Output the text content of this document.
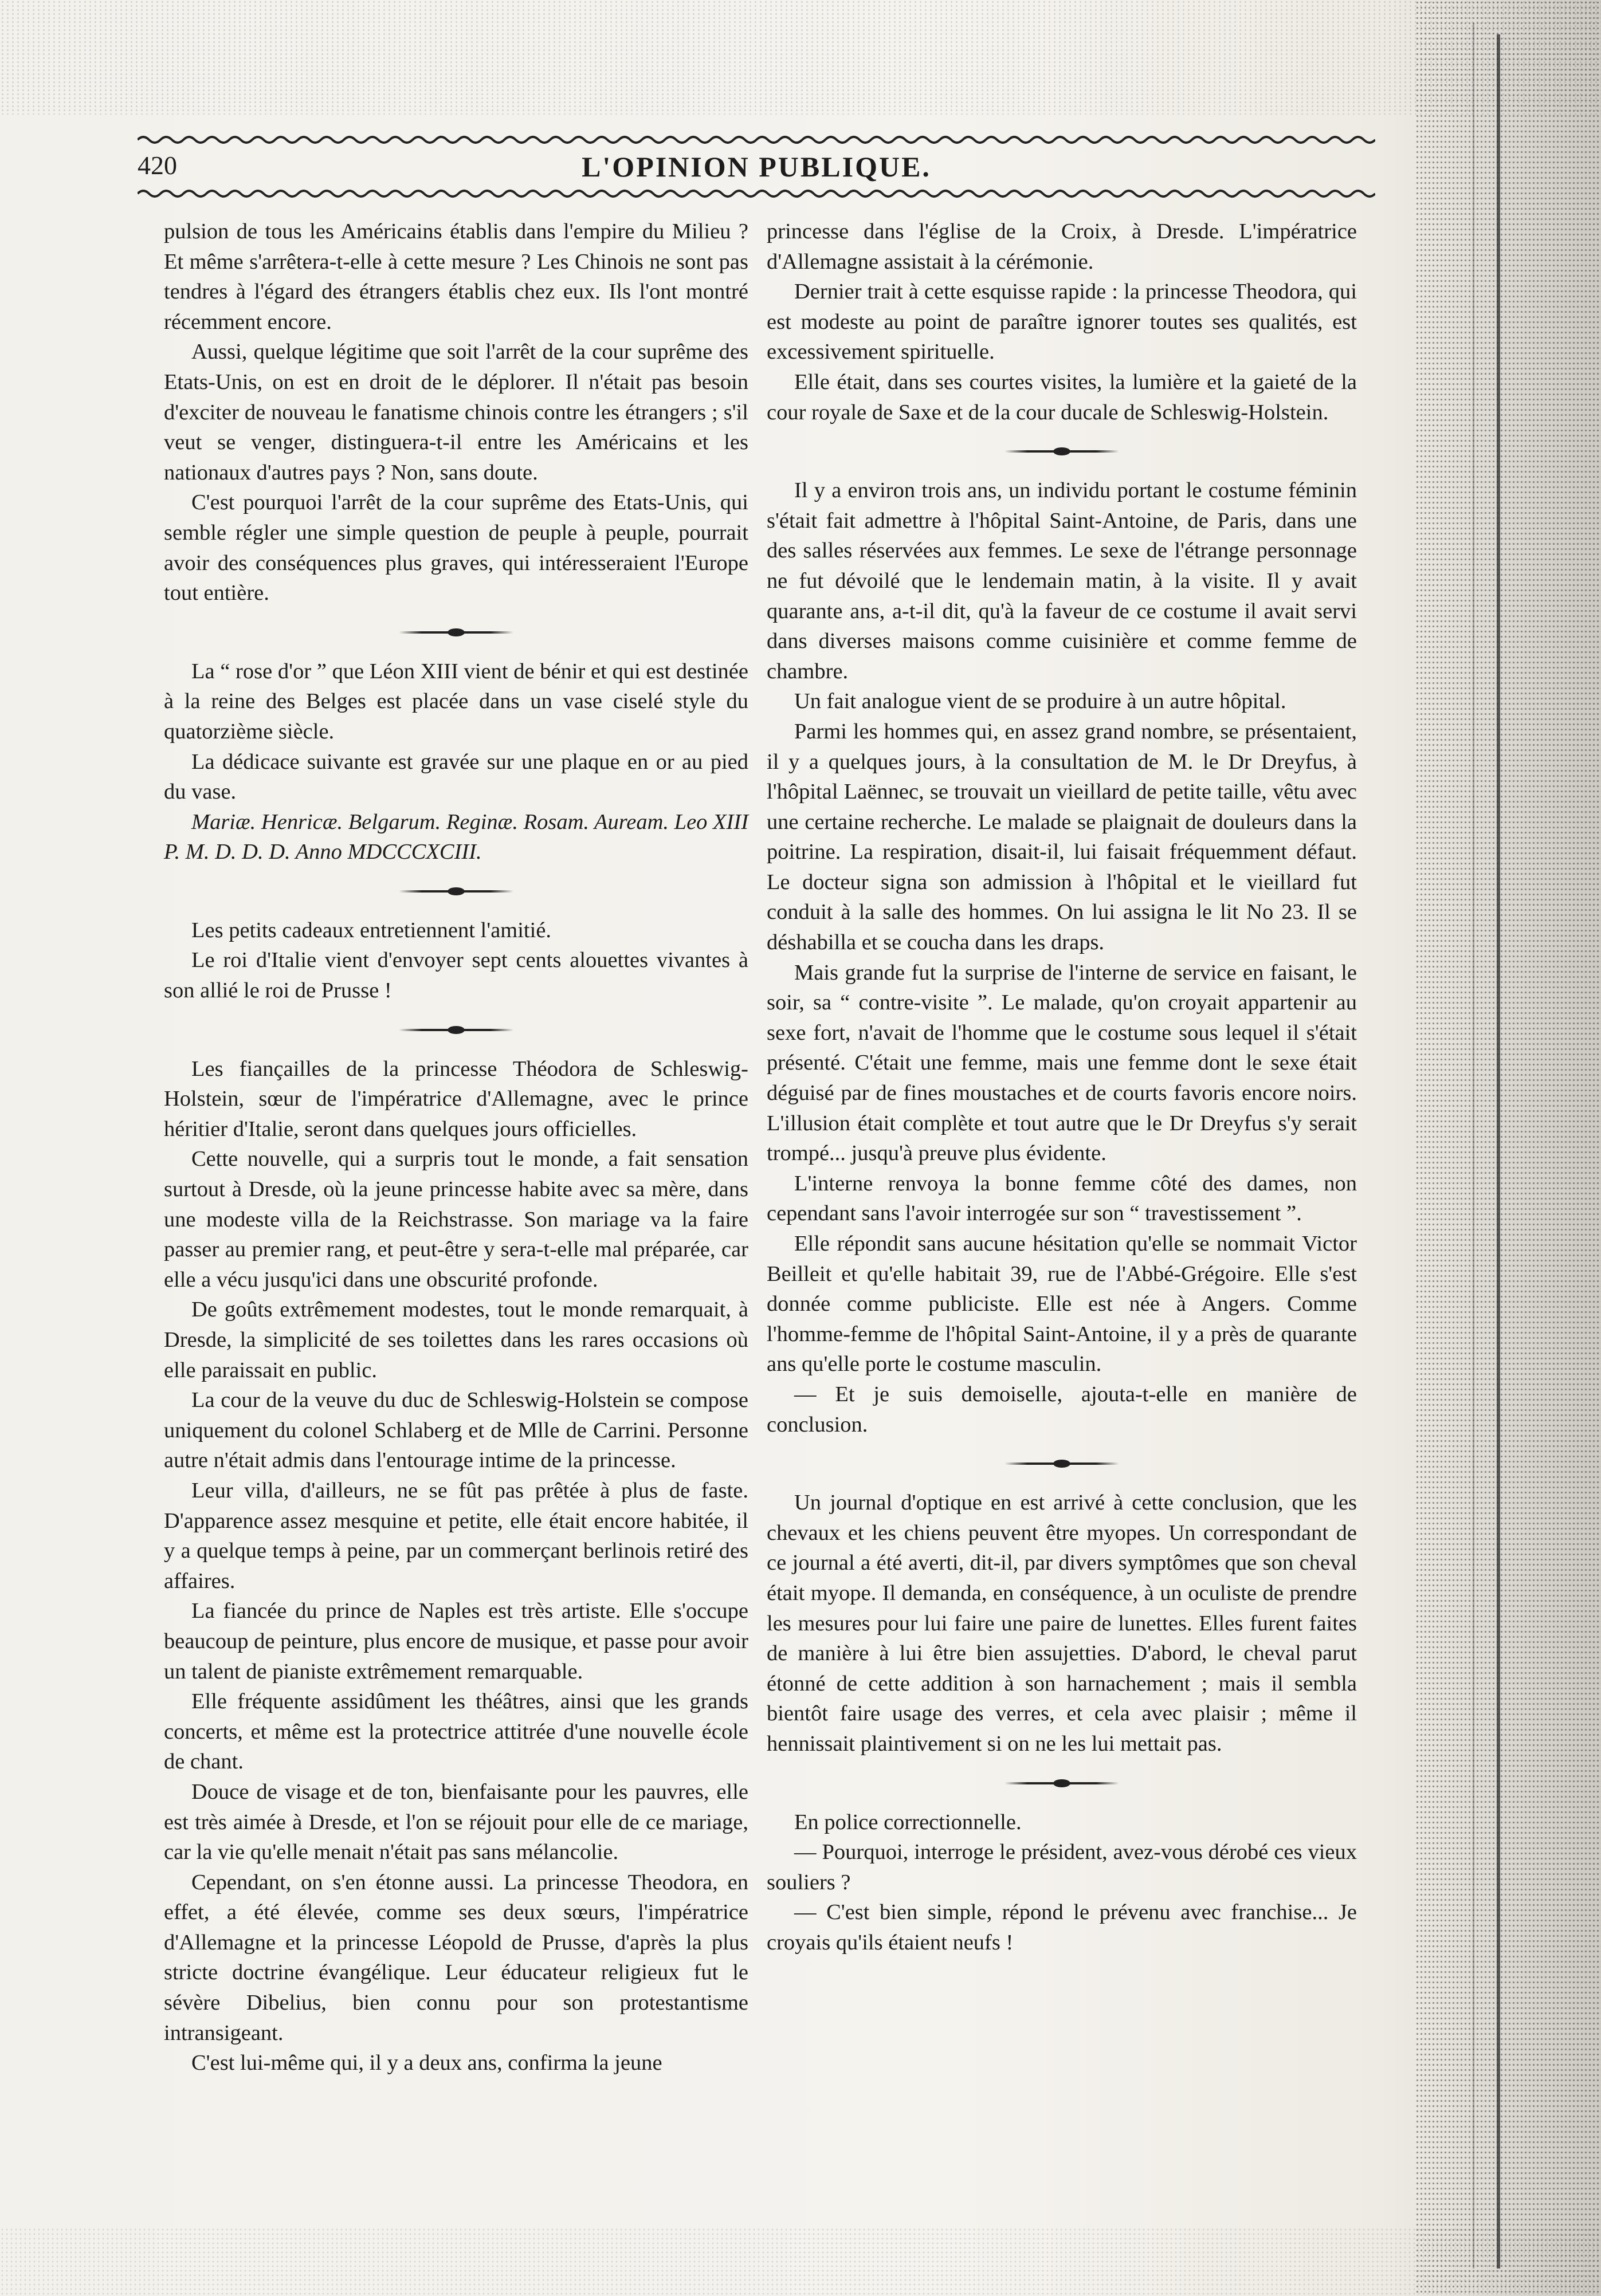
420	L'OPINION PUBLIQUE.

pulsion de tous les Américains établis dans l'empire du Milieu ? Et même s'arrêtera-t-elle à cette mesure ? Les Chinois ne sont pas tendres à l'égard des étrangers établis chez eux. Ils l'ont montré récemment encore.

Aussi, quelque légitime que soit l'arrêt de la cour suprême des Etats-Unis, on est en droit de le déplorer. Il n'était pas besoin d'exciter de nouveau le fanatisme chinois contre les étrangers ; s'il veut se venger, distinguera-t-il entre les Américains et les nationaux d'autres pays ? Non, sans doute.

C'est pourquoi l'arrêt de la cour suprême des Etats-Unis, qui semble régler une simple question de peuple à peuple, pourrait avoir des conséquences plus graves, qui intéresseraient l'Europe tout entière.

La “ rose d'or ” que Léon XIII vient de bénir et qui est destinée à la reine des Belges est placée dans un vase ciselé style du quatorzième siècle.

La dédicace suivante est gravée sur une plaque en or au pied du vase.

Mariæ. Henricæ. Belgarum. Reginæ. Rosam. Auream. Leo XIII P. M. D. D. D. Anno MDCCCXCIII.

Les petits cadeaux entretiennent l'amitié.

Le roi d'Italie vient d'envoyer sept cents alouettes vivantes à son allié le roi de Prusse !

Les fiançailles de la princesse Théodora de Schleswig-Holstein, sœur de l'impératrice d'Allemagne, avec le prince héritier d'Italie, seront dans quelques jours officielles.

Cette nouvelle, qui a surpris tout le monde, a fait sensation surtout à Dresde, où la jeune princesse habite avec sa mère, dans une modeste villa de la Reichstrasse. Son mariage va la faire passer au premier rang, et peut-être y sera-t-elle mal préparée, car elle a vécu jusqu'ici dans une obscurité profonde.

De goûts extrêmement modestes, tout le monde remarquait, à Dresde, la simplicité de ses toilettes dans les rares occasions où elle paraissait en public.

La cour de la veuve du duc de Schleswig-Holstein se compose uniquement du colonel Schlaberg et de Mlle de Carrini. Personne autre n'était admis dans l'entourage intime de la princesse.

Leur villa, d'ailleurs, ne se fût pas prêtée à plus de faste. D'apparence assez mesquine et petite, elle était encore habitée, il y a quelque temps à peine, par un commerçant berlinois retiré des affaires.

La fiancée du prince de Naples est très artiste. Elle s'occupe beaucoup de peinture, plus encore de musique, et passe pour avoir un talent de pianiste extrêmement remarquable.

Elle fréquente assidûment les théâtres, ainsi que les grands concerts, et même est la protectrice attitrée d'une nouvelle école de chant.

Douce de visage et de ton, bienfaisante pour les pauvres, elle est très aimée à Dresde, et l'on se réjouit pour elle de ce mariage, car la vie qu'elle menait n'était pas sans mélancolie.

Cependant, on s'en étonne aussi. La princesse Theodora, en effet, a été élevée, comme ses deux sœurs, l'impératrice d'Allemagne et la princesse Léopold de Prusse, d'après la plus stricte doctrine évangélique. Leur éducateur religieux fut le sévère Dibelius, bien connu pour son protestantisme intransigeant.

C'est lui-même qui, il y a deux ans, confirma la jeune

princesse dans l'église de la Croix, à Dresde. L'impératrice d'Allemagne assistait à la cérémonie.

Dernier trait à cette esquisse rapide : la princesse Theodora, qui est modeste au point de paraître ignorer toutes ses qualités, est excessivement spirituelle.

Elle était, dans ses courtes visites, la lumière et la gaieté de la cour royale de Saxe et de la cour ducale de Schleswig-Holstein.

Il y a environ trois ans, un individu portant le costume féminin s'était fait admettre à l'hôpital Saint-Antoine, de Paris, dans une des salles réservées aux femmes. Le sexe de l'étrange personnage ne fut dévoilé que le lendemain matin, à la visite. Il y avait quarante ans, a-t-il dit, qu'à la faveur de ce costume il avait servi dans diverses maisons comme cuisinière et comme femme de chambre.

Un fait analogue vient de se produire à un autre hôpital.

Parmi les hommes qui, en assez grand nombre, se présentaient, il y a quelques jours, à la consultation de M. le Dr Dreyfus, à l'hôpital Laënnec, se trouvait un vieillard de petite taille, vêtu avec une certaine recherche. Le malade se plaignait de douleurs dans la poitrine. La respiration, disait-il, lui faisait fréquemment défaut. Le docteur signa son admission à l'hôpital et le vieillard fut conduit à la salle des hommes. On lui assigna le lit No 23. Il se déshabilla et se coucha dans les draps.

Mais grande fut la surprise de l'interne de service en faisant, le soir, sa “ contre-visite ”. Le malade, qu'on croyait appartenir au sexe fort, n'avait de l'homme que le costume sous lequel il s'était présenté. C'était une femme, mais une femme dont le sexe était déguisé par de fines moustaches et de courts favoris encore noirs. L'illusion était complète et tout autre que le Dr Dreyfus s'y serait trompé... jusqu'à preuve plus évidente.

L'interne renvoya la bonne femme côté des dames, non cependant sans l'avoir interrogée sur son “ travestissement ”.

Elle répondit sans aucune hésitation qu'elle se nommait Victor Beilleit et qu'elle habitait 39, rue de l'Abbé-Grégoire. Elle s'est donnée comme publiciste. Elle est née à Angers. Comme l'homme-femme de l'hôpital Saint-Antoine, il y a près de quarante ans qu'elle porte le costume masculin.

— Et je suis demoiselle, ajouta-t-elle en manière de conclusion.

Un journal d'optique en est arrivé à cette conclusion, que les chevaux et les chiens peuvent être myopes. Un correspondant de ce journal a été averti, dit-il, par divers symptômes que son cheval était myope. Il demanda, en conséquence, à un oculiste de prendre les mesures pour lui faire une paire de lunettes. Elles furent faites de manière à lui être bien assujetties. D'abord, le cheval parut étonné de cette addition à son harnachement ; mais il sembla bientôt faire usage des verres, et cela avec plaisir ; même il hennissait plaintivement si on ne les lui mettait pas.

En police correctionnelle.

— Pourquoi, interroge le président, avez-vous dérobé ces vieux souliers ?

— C'est bien simple, répond le prévenu avec franchise... Je croyais qu'ils étaient neufs !
